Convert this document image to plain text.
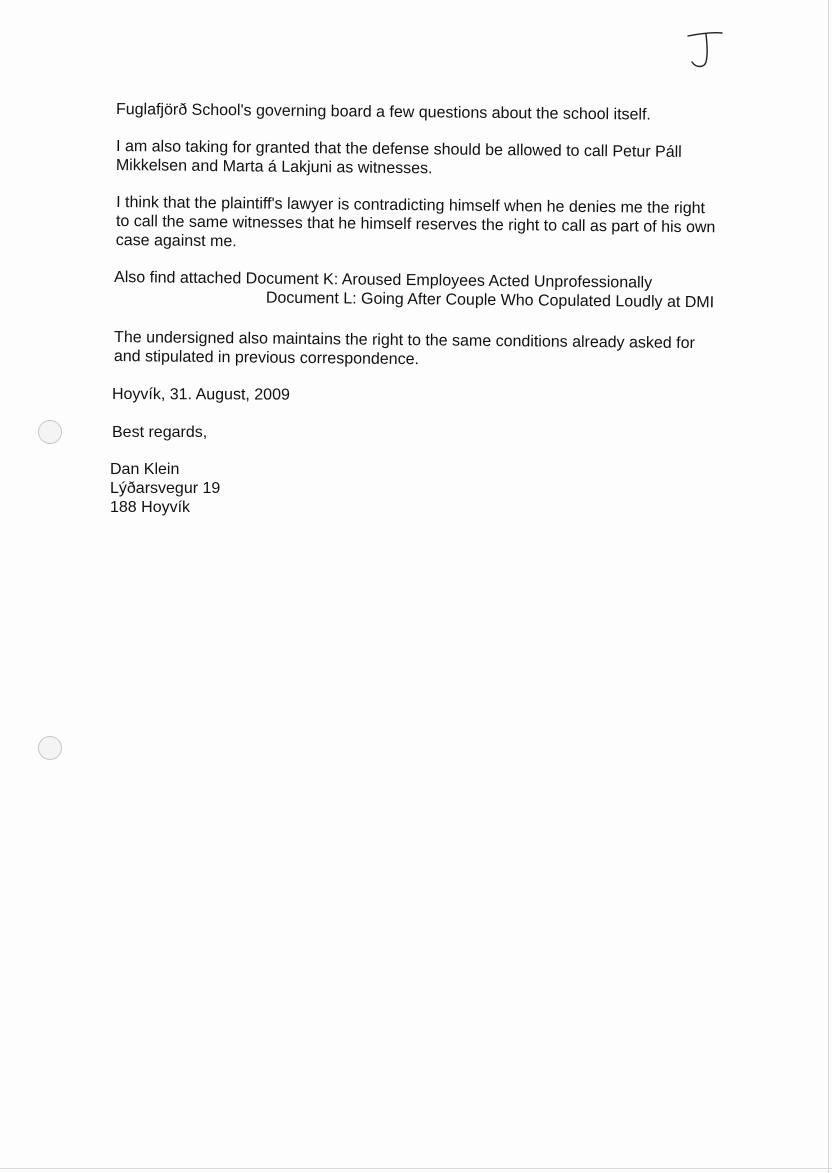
Fuglafjörð School's governing board a few questions about the school itself.
I am also taking for granted that the defense should be allowed to call Petur Páll
Mikkelsen and Marta á Lakjuni as witnesses.
I think that the plaintiff's lawyer is contradicting himself when he denies me the right
to call the same witnesses that he himself reserves the right to call as part of his own
case against me.
Also find attached Document K: Aroused Employees Acted Unprofessionally
Document L: Going After Couple Who Copulated Loudly at DMI
The undersigned also maintains the right to the same conditions already asked for
and stipulated in previous correspondence.
Hoyvík, 31. August, 2009
Best regards,
Dan Klein
Lýðarsvegur 19
188 Hoyvík
